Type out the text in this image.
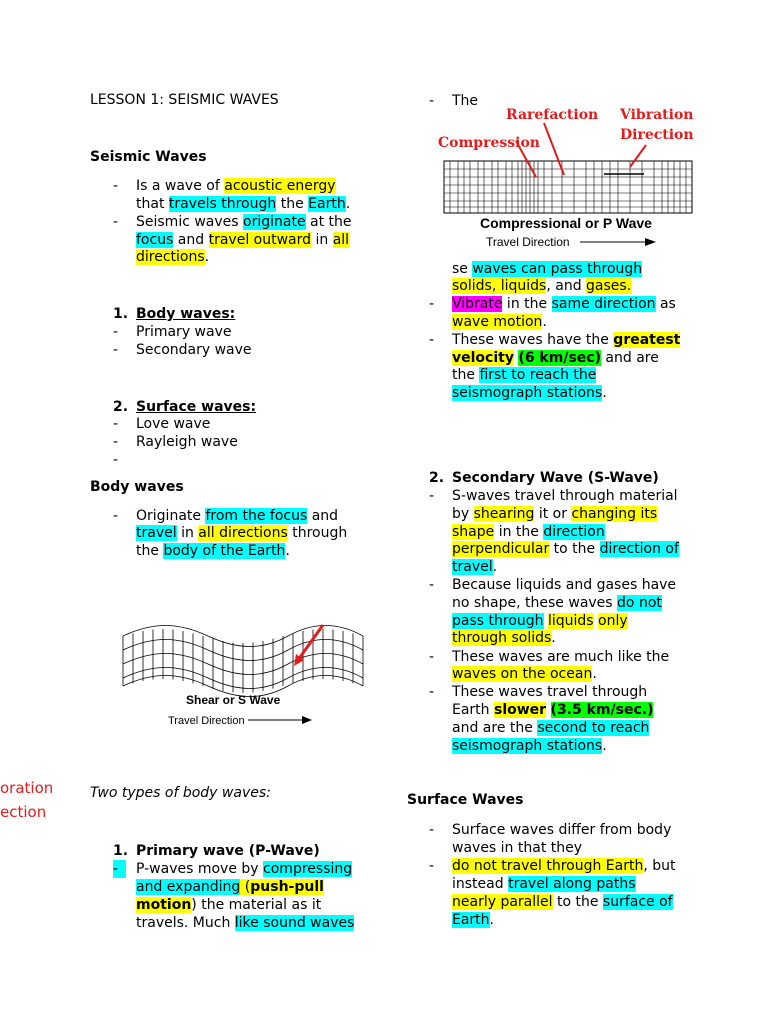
LESSON 1: SEISMIC WAVES
Seismic Waves
- Is a wave of acoustic energy
that travels through the Earth.
- Seismic waves originate at the
focus and travel outward in all
directions.
1. Body waves:
- Primary wave
- Secondary wave
2. Surface waves:
- Love wave
- Rayleigh wave
-
Body waves
- Originate from the focus and
travel in all directions through
the body of the Earth.
Shear or S Wave
Travel Direction
oration
ection
Two types of body waves:
1. Primary wave (P-Wave)
-	P-waves move by compressing
and expanding (push-pull
motion) the material as it
travels. Much like sound waves
- The
Rarefaction Vibration
Direction
Compression
Compressional or P Wave
Travel Direction
se waves can pass through
solids, liquids, and gases.
- Vibrate in the same direction as
wave motion.
- These waves have the greatest
velocity (6 km/sec) and are
the first to reach the
seismograph stations.
2. Secondary Wave (S-Wave)
- S-waves travel through material
by shearing it or changing its
shape in the direction
perpendicular to the direction of
travel.
- Because liquids and gases have
no shape, these waves do not
pass through liquids only
through solids.
- These waves are much like the
waves on the ocean.
- These waves travel through
Earth slower (3.5 km/sec.)
and are the second to reach
seismograph stations.
Surface Waves
- Surface waves differ from body
waves in that they
- do not travel through Earth, but
instead travel along paths
nearly parallel to the surface of
Earth.
